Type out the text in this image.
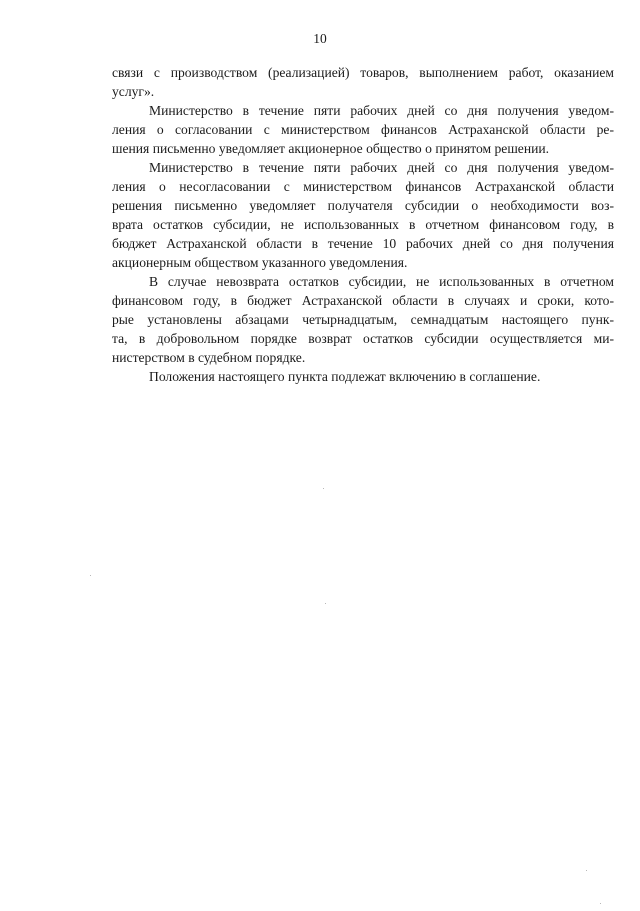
10

связи с производством (реализацией) товаров, выполнением работ, оказанием
услуг».

Министерство в течение пяти рабочих дней со дня получения уведом-
ления о согласовании с министерством финансов Астраханской области ре-
шения письменно уведомляет акционерное общество о принятом решении.

Министерство в течение пяти рабочих дней со дня получения уведом-
ления о несогласовании с министерством финансов Астраханской области
решения письменно уведомляет получателя субсидии о необходимости воз-
врата остатков субсидии, не использованных в отчетном финансовом году, в
бюджет Астраханской области в течение 10 рабочих дней со дня получения
акционерным обществом указанного уведомления.

В случае невозврата остатков субсидии, не использованных в отчетном
финансовом году, в бюджет Астраханской области в случаях и сроки, кото-
рые установлены абзацами четырнадцатым, семнадцатым настоящего пунк-
та, в добровольном порядке возврат остатков субсидии осуществляется ми-
нистерством в судебном порядке.

Положения настоящего пункта подлежат включению в соглашение.
